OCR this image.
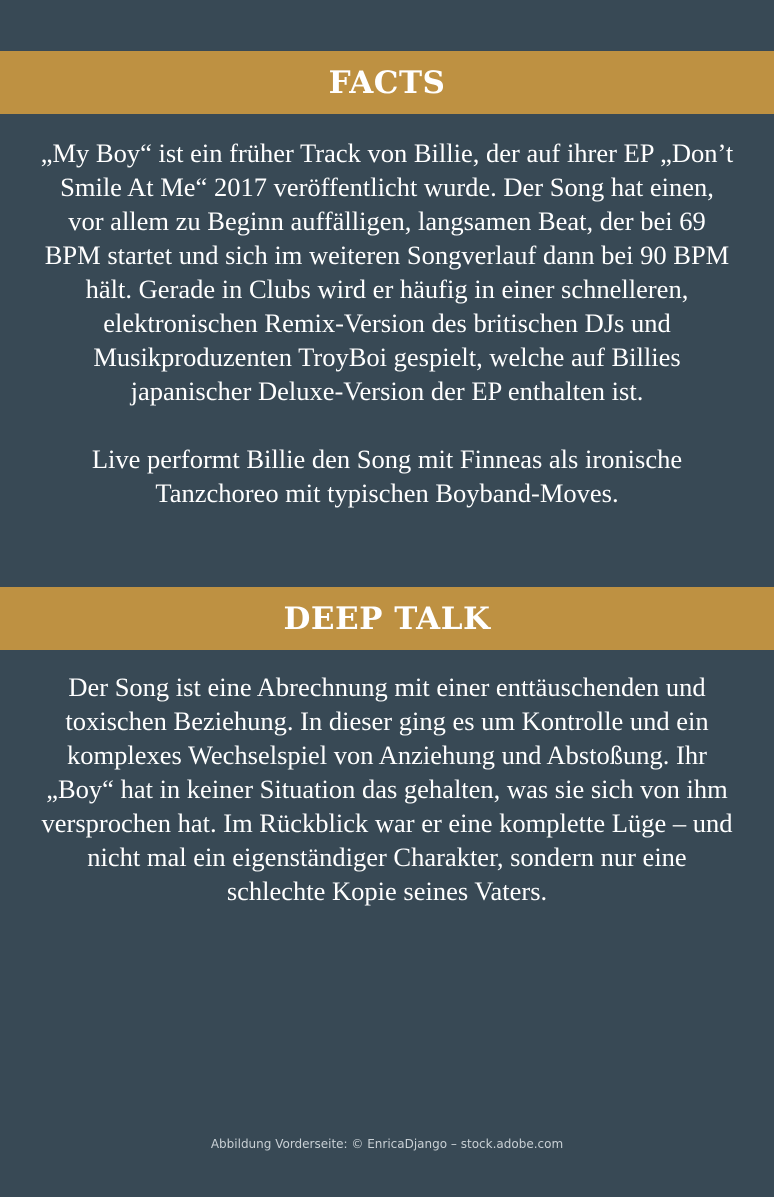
FACTS

„My Boy“ ist ein früher Track von Billie, der auf ihrer EP „Don’t Smile At Me“ 2017 veröffentlicht wurde. Der Song hat einen, vor allem zu Beginn auffälligen, langsamen Beat, der bei 69 BPM startet und sich im weiteren Songverlauf dann bei 90 BPM hält. Gerade in Clubs wird er häufig in einer schnelleren, elektronischen Remix-Version des britischen DJs und Musikproduzenten TroyBoi gespielt, welche auf Billies japanischer Deluxe-Version der EP enthalten ist.

Live performt Billie den Song mit Finneas als ironische Tanzchoreo mit typischen Boyband-Moves.

DEEP TALK

Der Song ist eine Abrechnung mit einer enttäuschenden und toxischen Beziehung. In dieser ging es um Kontrolle und ein komplexes Wechselspiel von Anziehung und Abstoßung. Ihr „Boy“ hat in keiner Situation das gehalten, was sie sich von ihm versprochen hat. Im Rückblick war er eine komplette Lüge – und nicht mal ein eigenständiger Charakter, sondern nur eine schlechte Kopie seines Vaters.

Abbildung Vorderseite: © EnricaDjango – stock.adobe.com
